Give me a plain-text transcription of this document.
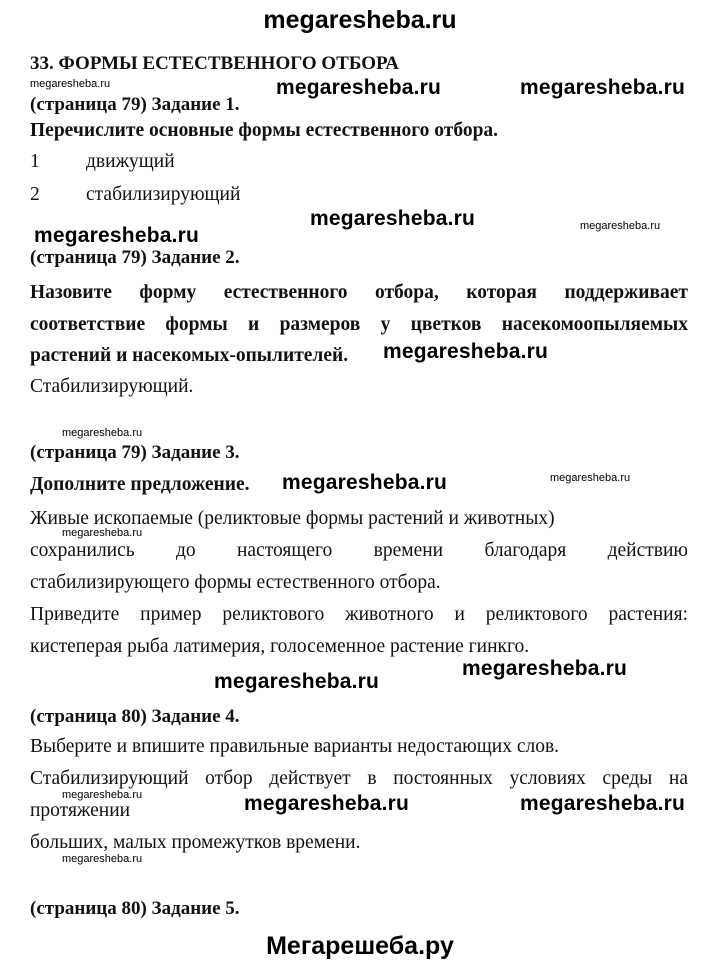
megaresheba.ru
33. ФОРМЫ ЕСТЕСТВЕННОГО ОТБОРА
megaresheba.ru	megaresheba.ru	megaresheba.ru
(страница 79) Задание 1.
Перечислите основные формы естественного отбора.
1 движущий
2 стабилизирующий
megaresheba.ru	megaresheba.ru
megaresheba.ru
(страница 79) Задание 2.
Назовите форму естественного отбора, которая поддерживает
соответствие формы и размеров у цветков насекомоопыляемых
растений и насекомых-опылителей. megaresheba.ru
Стабилизирующий.
megaresheba.ru
(страница 79) Задание 3.
Дополните предложение. megaresheba.ru	megaresheba.ru
Живые ископаемые (реликтовые формы растений и животных)
megaresheba.ru
сохранились до настоящего времени благодаря действию
стабилизирующего формы естественного отбора.
Приведите пример реликтового животного и реликтового растения:
кистеперая рыба латимерия, голосеменное растение гинкго.
megaresheba.ru
megaresheba.ru
(страница 80) Задание 4.
Выберите и впишите правильные варианты недостающих слов.
Стабилизирующий отбор действует в постоянных условиях среды на
megaresheba.ru
протяжении	megaresheba.ru	megaresheba.ru
больших, малых промежутков времени.
megaresheba.ru
(страница 80) Задание 5.
Мегарешеба.ру
